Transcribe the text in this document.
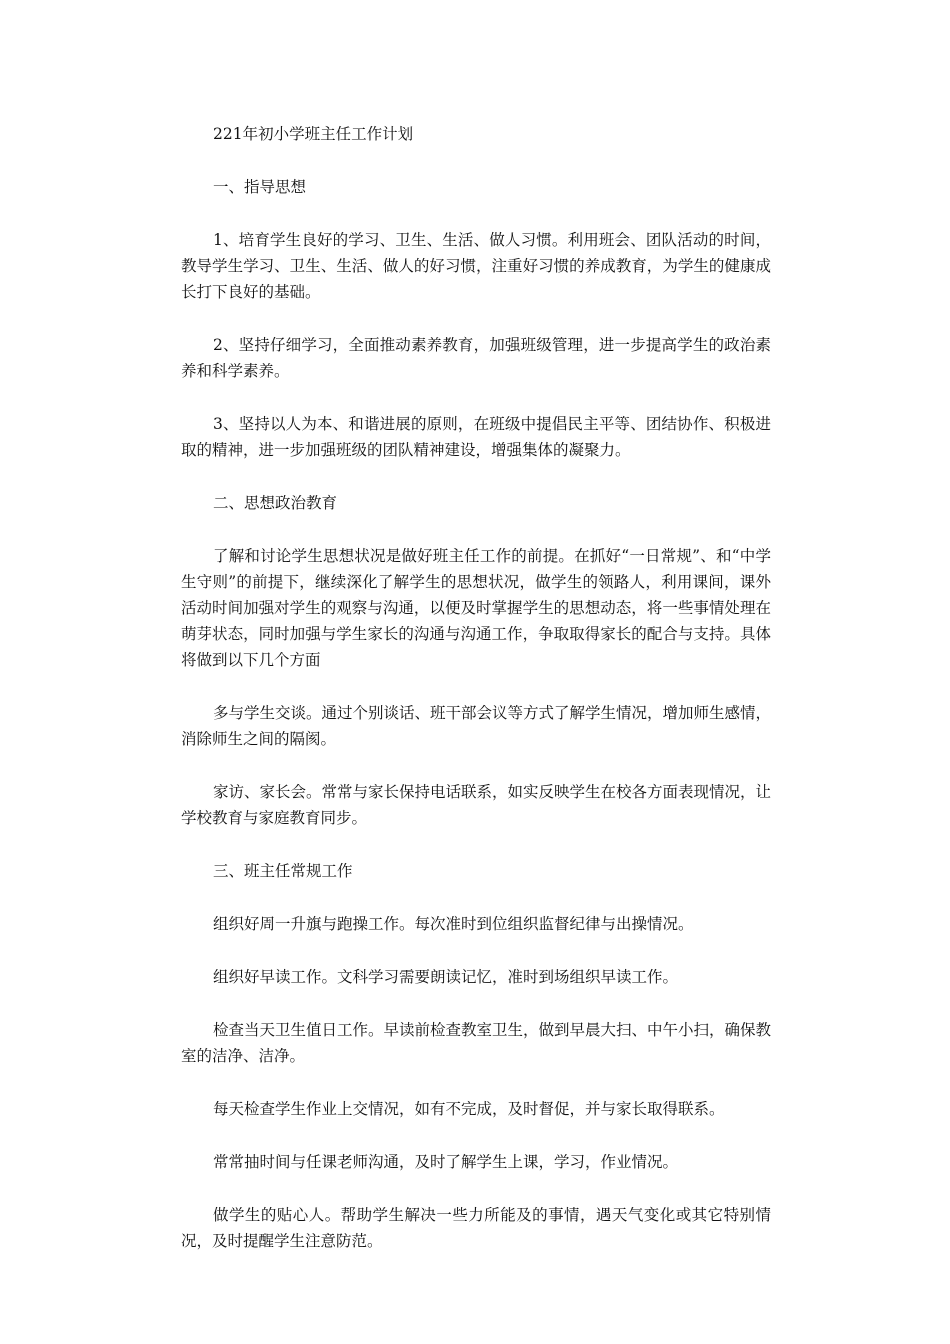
221年初小学班主任工作计划

一、指导思想

1、培育学生良好的学习、卫生、生活、做人习惯。利用班会、团队活动的时间，教导学生学习、卫生、生活、做人的好习惯，注重好习惯的养成教育，为学生的健康成长打下良好的基础。

2、坚持仔细学习，全面推动素养教育，加强班级管理，进一步提高学生的政治素养和科学素养。

3、坚持以人为本、和谐进展的原则，在班级中提倡民主平等、团结协作、积极进取的精神，进一步加强班级的团队精神建设，增强集体的凝聚力。

二、思想政治教育

了解和讨论学生思想状况是做好班主任工作的前提。在抓好“一日常规”、和“中学生守则”的前提下，继续深化了解学生的思想状况，做学生的领路人，利用课间，课外活动时间加强对学生的观察与沟通，以便及时掌握学生的思想动态，将一些事情处理在萌芽状态，同时加强与学生家长的沟通与沟通工作，争取取得家长的配合与支持。具体将做到以下几个方面

多与学生交谈。通过个别谈话、班干部会议等方式了解学生情况，增加师生感情，消除师生之间的隔阂。

家访、家长会。常常与家长保持电话联系，如实反映学生在校各方面表现情况，让学校教育与家庭教育同步。

三、班主任常规工作

组织好周一升旗与跑操工作。每次准时到位组织监督纪律与出操情况。

组织好早读工作。文科学习需要朗读记忆，准时到场组织早读工作。

检查当天卫生值日工作。早读前检查教室卫生，做到早晨大扫、中午小扫，确保教室的洁净、洁净。

每天检查学生作业上交情况，如有不完成，及时督促，并与家长取得联系。

常常抽时间与任课老师沟通，及时了解学生上课，学习，作业情况。

做学生的贴心人。帮助学生解决一些力所能及的事情，遇天气变化或其它特别情况，及时提醒学生注意防范。
